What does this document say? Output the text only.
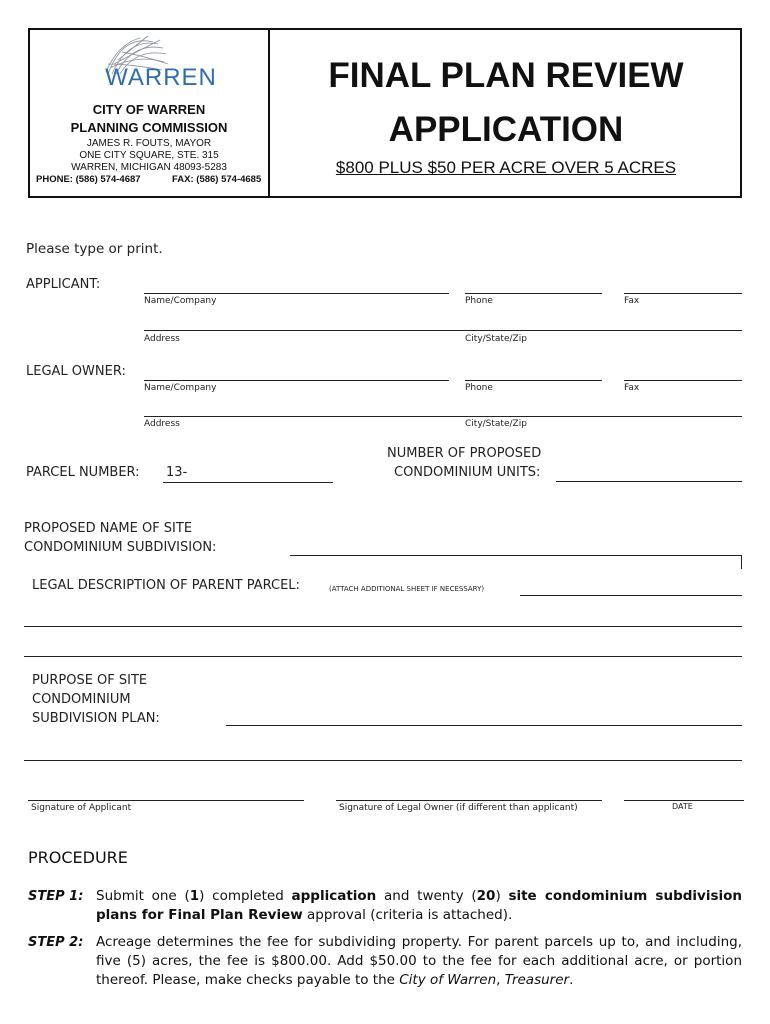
WARREN
CITY OF WARREN
PLANNING COMMISSION
JAMES R. FOUTS, MAYOR
ONE CITY SQUARE, STE. 315
WARREN, MICHIGAN 48093-5283
PHONE: (586) 574-4687	FAX: (586) 574-4685
FINAL PLAN REVIEW
APPLICATION
$800 PLUS $50 PER ACRE OVER 5 ACRES
Please type or print.
APPLICANT:
Name/Company	Phone	Fax
Address	City/State/Zip
LEGAL OWNER:
Name/Company	Phone	Fax
Address	City/State/Zip
PARCEL NUMBER: 13-
NUMBER OF PROPOSED
CONDOMINIUM UNITS:
PROPOSED NAME OF SITE
CONDOMINIUM SUBDIVISION:
LEGAL DESCRIPTION OF PARENT PARCEL:	(ATTACH ADDITIONAL SHEET IF NECESSARY)
PURPOSE OF SITE
CONDOMINIUM
SUBDIVISION PLAN:
Signature of Applicant	Signature of Legal Owner (if different than applicant)	DATE
PROCEDURE
STEP 1: Submit one (1) completed application and twenty (20) site condominium subdivision plans for Final Plan Review approval (criteria is attached).
STEP 2: Acreage determines the fee for subdividing property. For parent parcels up to, and including, five (5) acres, the fee is $800.00. Add $50.00 to the fee for each additional acre, or portion thereof. Please, make checks payable to the City of Warren, Treasurer.
